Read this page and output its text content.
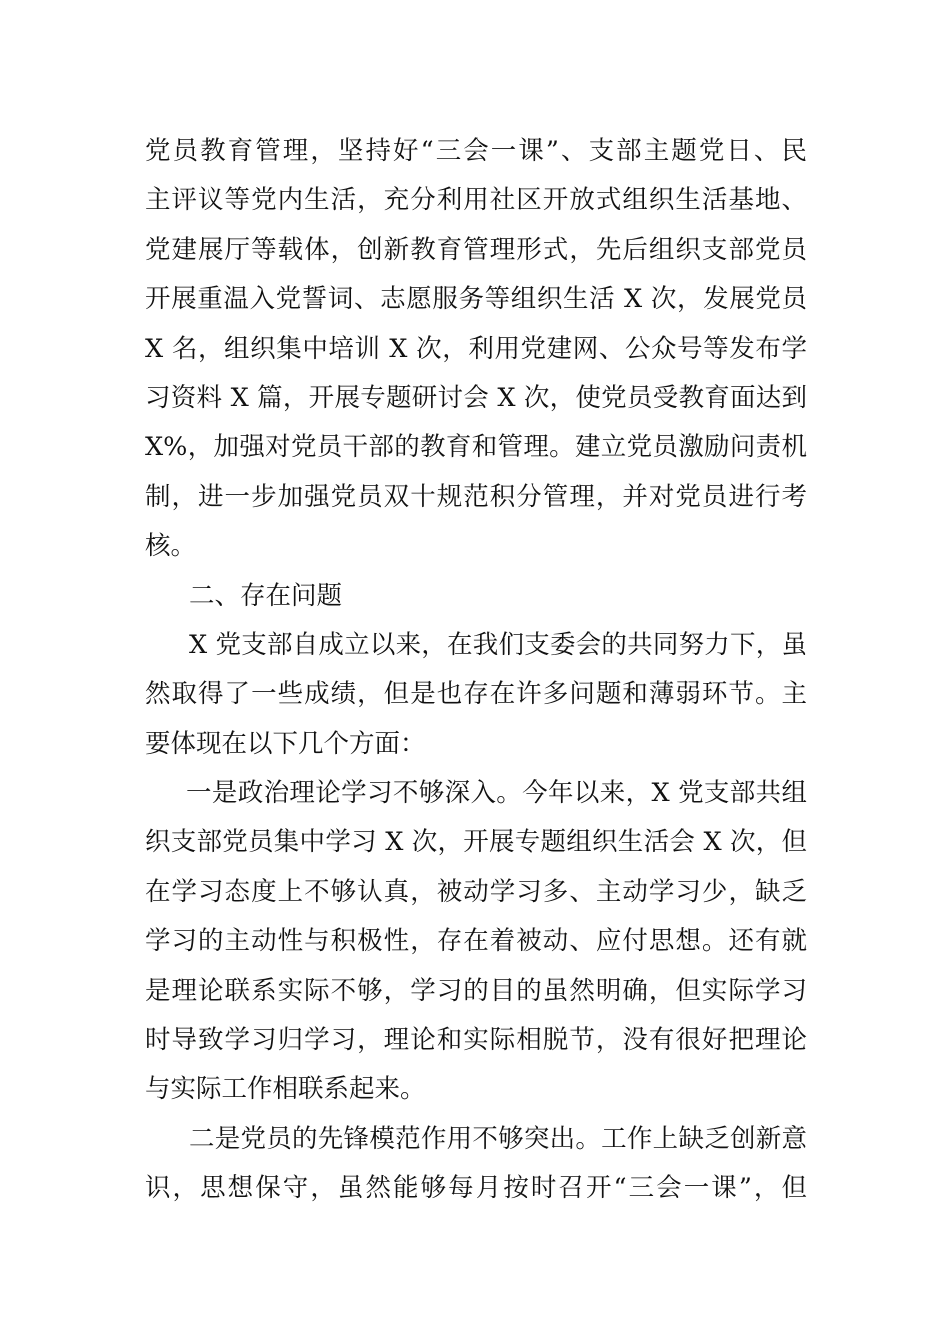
党员教育管理，坚持好“三会一课”、支部主题党日、民
主评议等党内生活，充分利用社区开放式组织生活基地、
党建展厅等载体，创新教育管理形式，先后组织支部党员
开展重温入党誓词、志愿服务等组织生活 X 次，发展党员
X 名，组织集中培训 X 次，利用党建网、公众号等发布学
习资料 X 篇，开展专题研讨会 X 次，使党员受教育面达到
X%，加强对党员干部的教育和管理。建立党员激励问责机
制，进一步加强党员双十规范积分管理，并对党员进行考
核。
二、存在问题
X 党支部自成立以来，在我们支委会的共同努力下，虽
然取得了一些成绩，但是也存在许多问题和薄弱环节。主
要体现在以下几个方面：
一是政治理论学习不够深入。今年以来，X 党支部共组
织支部党员集中学习 X 次，开展专题组织生活会 X 次，但
在学习态度上不够认真，被动学习多、主动学习少，缺乏
学习的主动性与积极性，存在着被动、应付思想。还有就
是理论联系实际不够，学习的目的虽然明确，但实际学习
时导致学习归学习，理论和实际相脱节，没有很好把理论
与实际工作相联系起来。
二是党员的先锋模范作用不够突出。工作上缺乏创新意
识，思想保守，虽然能够每月按时召开“三会一课”，但
